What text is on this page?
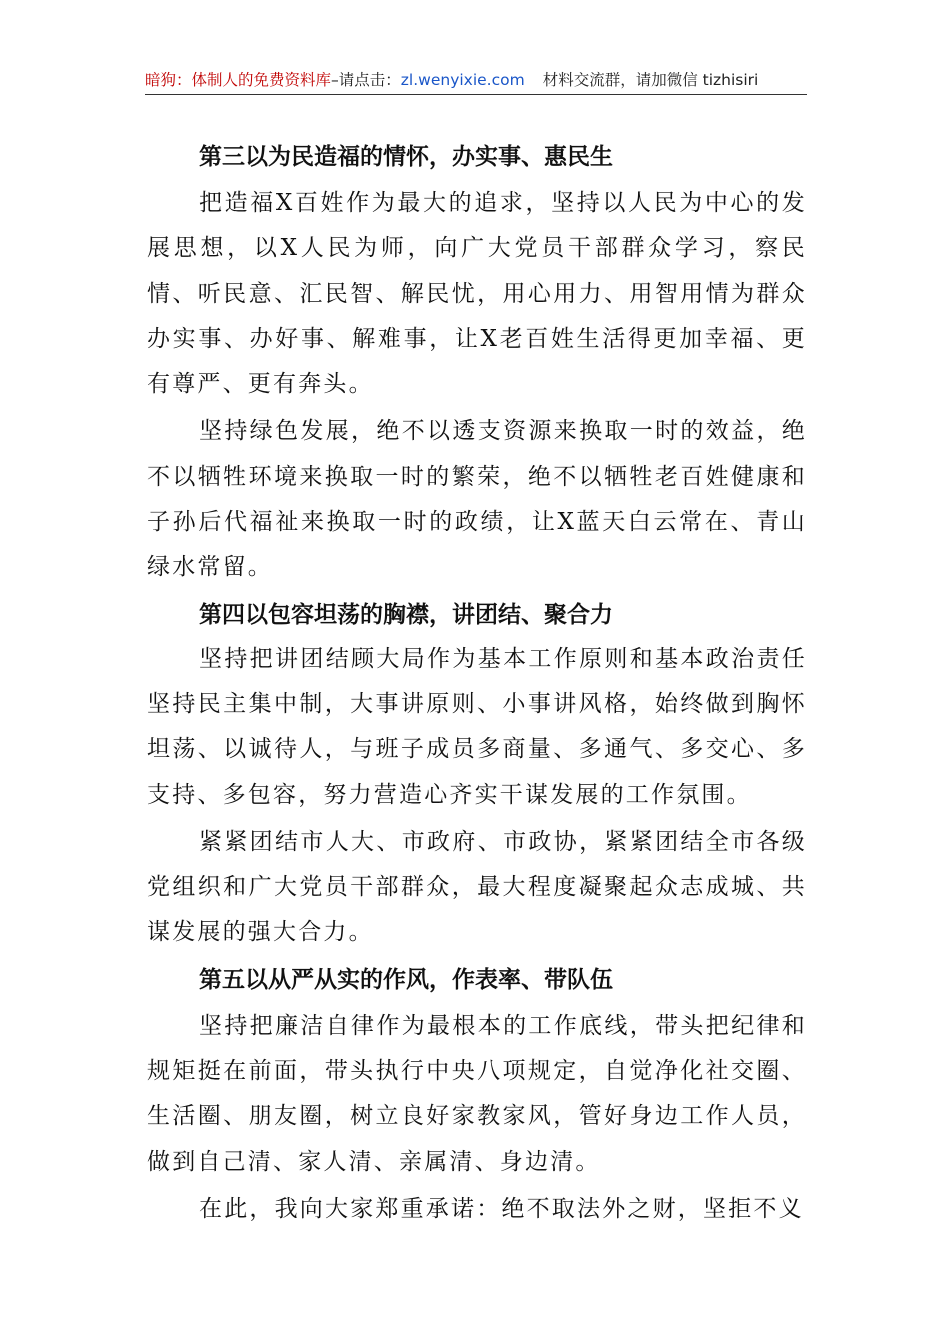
暗狗：体制人的免费资料库–请点击：zl.wenyixie.com 材料交流群，请加微信 tizhisiri

第三以为民造福的情怀，办实事、惠民生

把造福X百姓作为最大的追求，坚持以人民为中心的发展思想，以X人民为师，向广大党员干部群众学习，察民情、听民意、汇民智、解民忧，用心用力、用智用情为群众办实事、办好事、解难事，让X老百姓生活得更加幸福、更有尊严、更有奔头。

坚持绿色发展，绝不以透支资源来换取一时的效益，绝不以牺牲环境来换取一时的繁荣，绝不以牺牲老百姓健康和子孙后代福祉来换取一时的政绩，让X蓝天白云常在、青山绿水常留。

第四以包容坦荡的胸襟，讲团结、聚合力

坚持把讲团结顾大局作为基本工作原则和基本政治责任坚持民主集中制，大事讲原则、小事讲风格，始终做到胸怀坦荡、以诚待人，与班子成员多商量、多通气、多交心、多支持、多包容，努力营造心齐实干谋发展的工作氛围。

紧紧团结市人大、市政府、市政协，紧紧团结全市各级党组织和广大党员干部群众，最大程度凝聚起众志成城、共谋发展的强大合力。

第五以从严从实的作风，作表率、带队伍

坚持把廉洁自律作为最根本的工作底线，带头把纪律和规矩挺在前面，带头执行中央八项规定，自觉净化社交圈、生活圈、朋友圈，树立良好家教家风，管好身边工作人员，做到自己清、家人清、亲属清、身边清。

在此，我向大家郑重承诺：绝不取法外之财，坚拒不义
